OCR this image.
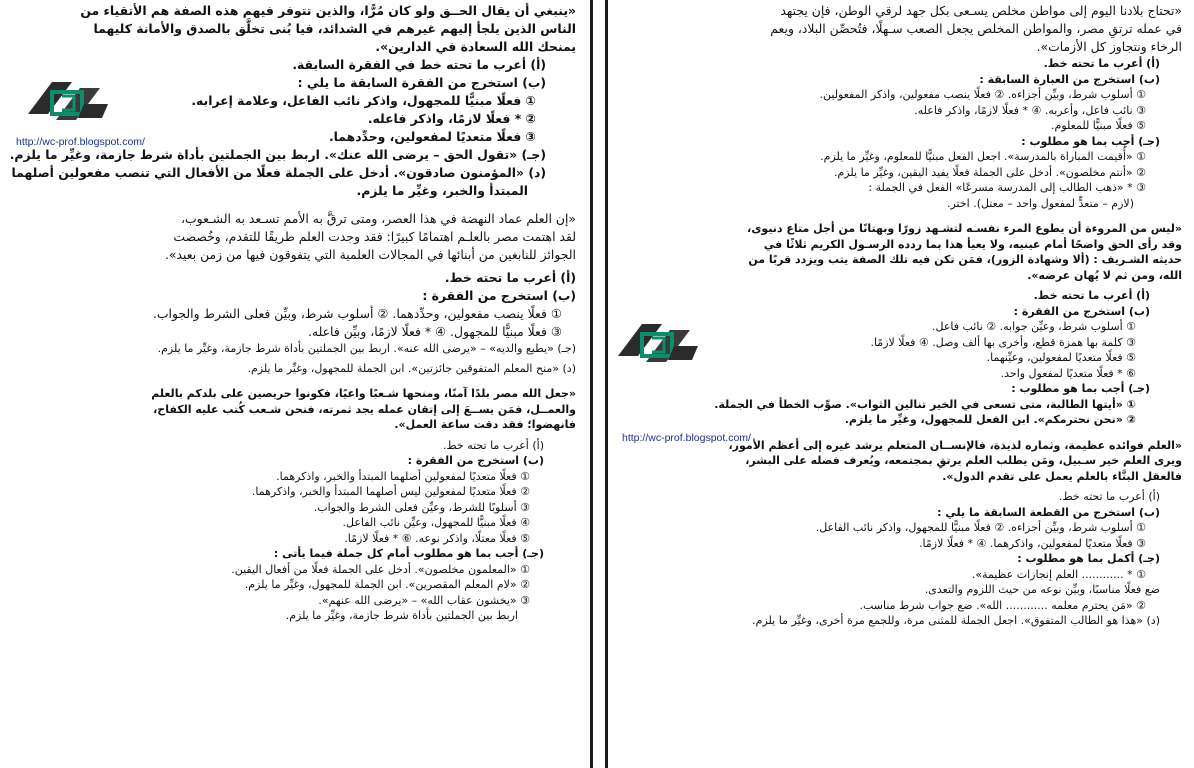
«ينبغي أن يقال الحــق ولو كان مُرًّا، والذين تتوفر فيهم هذه الصفة هم الأتقياء من

الناس الذين يلجأ إليهم غيرهم في الشدائد، فيا بُنى تخلَّق بالصدق والأمانة كليهما

يمنحك الله السعادة في الدارين».

(أ) أعرب ما تحته خط في الفقرة السابقة.

(ب) استخرج من الفقرة السابقة ما يلي :

① فعلًا مبنيًّا للمجهول، واذكر نائب الفاعل، وعلامة إعرابه.

② * فعلًا لازمًا، واذكر فاعله.

③ فعلًا متعديًا لمفعولين، وحدِّدهما.

(جـ) «تقول الحق – يرضى الله عنك». اربط بين الجملتين بأداة شرط جازمة، وغيِّر ما يلزم.

(د) «المؤمنون صادقون». أدخل على الجملة فعلًا من الأفعال التي تنصب مفعولين أصلهما

المبتدأ والخبر، وغيِّر ما يلزم.

«إن العلم عماد النهضة في هذا العصر، ومتى ترقَّ به الأمم تسـعد به الشـعوب،

لقد اهتمت مصر بالعلـم اهتمامًا كبيرًا: فقد وجدت العلم طريقًا للتقدم، وخُصصت

الجوائز للنابغين من أبنائها في المجالات العلمية التي يتفوقون فيها من زمن بعيد».

(أ) أعرب ما تحته خط.

(ب) استخرج من الفقرة :

① فعلًا ينصب مفعولين، وحدِّدهما. ② أسلوب شرط، وبيِّن فعلى الشرط والجواب.

③ فعلًا مبنيًّا للمجهول. ④ * فعلًا لازمًا، وبيِّن فاعله.

(جـ) «يطيع والديه» – «يرضى الله عنه». اربط بين الجملتين بأداة شرط جازمة، وغيِّر ما يلزم.

(د) «منح المعلم المتفوقين جائزتين». ابن الجملة للمجهول، وغيِّر ما يلزم.

«جعل الله مصر بلدًا آمنًا، ومنحها شـعبًا واعيًا، فكونوا حريصين على بلدكم بالعلم

والعمــل، فمَن يســعَ إلى إتقان عمله يجد ثمرته، فنحن شـعب كُتب عليه الكفاح،

فانهضوا؛ فقد دقت ساعة العمل».

(أ) أعرب ما تحته خط.

(ب) استخرج من الفقرة :

① فعلًا متعديًا لمفعولين أصلهما المبتدأ والخبر، واذكرهما.

② فعلًا متعديًا لمفعولين ليس أصلهما المبتدأ والخبر، واذكرهما.

③ أسلوبًا للشرط، وعيِّن فعلى الشرط والجواب.

④ فعلًا مبنيًّا للمجهول، وعيِّن نائب الفاعل.

⑤ فعلًا معتلًا، واذكر نوعه. ⑥ * فعلًا لازمًا.

(جـ) أجب بما هو مطلوب أمام كل جملة فيما يأتى :

① «المعلمون مخلصون». أدخل على الجملة فعلًا من أفعال اليقين.

② «لام المعلم المقصرين». ابن الجملة للمجهول، وغيِّر ما يلزم.

③ «يخشون عقاب الله» – «يرضى الله عنهم».

اربط بين الجملتين بأداة شرط جازمة، وغيِّر ما يلزم.

«تحتاج بلادنا اليوم إلى مواطن مخلص يسـعى بكل جهد لرقي الوطن، فإن يجتهد

في عمله ترتقِ مصر، والمواطن المخلص يجعل الصعب سـهلًا، فتُحصِّن البلاد، ويعم

الرخاء ونتجاوز كل الأزمات».

(أ) أعرب ما تحته خط.

(ب) استخرج من العبارة السابقة :

① أسلوب شرط، وبيِّن أجزاءه. ② فعلًا ينصب مفعولين، واذكر المفعولين.

③ نائب فاعل، وأعربه. ④ * فعلًا لازمًا، واذكر فاعله.

⑤ فعلًا مبنيًّا للمعلوم.

(جـ) أجب بما هو مطلوب :

① «أُقيمت المباراة بالمدرسة». اجعل الفعل مبنيًّا للمعلوم، وغيِّر ما يلزم.

② «أنتم مخلصون». أدخل على الجملة فعلًا يفيد اليقين، وغيِّر ما يلزم.

③ * «ذهب الطالب إلى المدرسة مسرعًا» الفعل في الجملة :

(لازم – متعدٍّ لمفعول واحد – معتل). اختر.

«ليس من المروءة أن يطوع المرء نفسـه لتشـهد زورًا وبهتانًا من أجل متاع دنيوى،

وقد رأى الحق واضحًا أمام عينيه، ولا يعيأ هذا بما ردده الرسـول الكريم ثلاثًا في

حديثه الشـريف : (ألا وشهادة الزور)، فمَن تكن فيه تلك الصفة يتب ويزدد قربًا من

الله، ومن ثم لا يُهان عرضه».

(أ) أعرب ما تحته خط.

(ب) استخرج من الفقرة :

① أسلوب شرط، وعيِّن جوابه. ② نائب فاعل.

③ كلمة بها همزة قطع، وأخرى بها ألف وصل. ④ فعلًا لازمًا.

⑤ فعلًا متعديًا لمفعولين، وعيِّنهما.

⑥ * فعلًا متعديًا لمفعول واحد.

(جـ) أجب بما هو مطلوب :

① «أيتها الطالبة، متى تسعى في الخير تنالين الثواب». صوِّب الخطأ في الجملة.

② «نحن نحترمكم». ابن الفعل للمجهول، وغيِّر ما يلزم.

«العلم فوائده عظيمة، وثماره لذيذة، فالإنســان المتعلم يرشد غيره إلى أعظم الأمور،

ويرى العلم خير سـبيل، ومَن يطلب العلم يرتقِ بمجتمعه، ويُعرف فضله على البشر،

فالعقل البنَّاء بالعلم يعمل على تقدم الدول».

(أ) أعرب ما تحته خط.

(ب) استخرج من القطعة السابقة ما يلي :

① أسلوب شرط، وبيِّن أجزاءه. ② فعلًا مبنيًّا للمجهول، واذكر نائب الفاعل.

③ فعلًا متعديًا لمفعولين، واذكرهما. ④ * فعلًا لازمًا.

(جـ) أكمل بما هو مطلوب :

① * ............ العلم إنجازات عظيمة».

ضع فعلًا مناسبًا، وبيِّن نوعه من حيث اللزوم والتعدى.

② «مَن يحترم معلمه ............ الله». ضع جواب شرط مناسب.

(د) «هذا هو الطالب المتفوق». اجعل الجملة للمثنى مرة، وللجمع مرة أخرى، وغيِّر ما يلزم.

http://wc-prof.blogspot.com/
http://wc-prof.blogspot.com/
